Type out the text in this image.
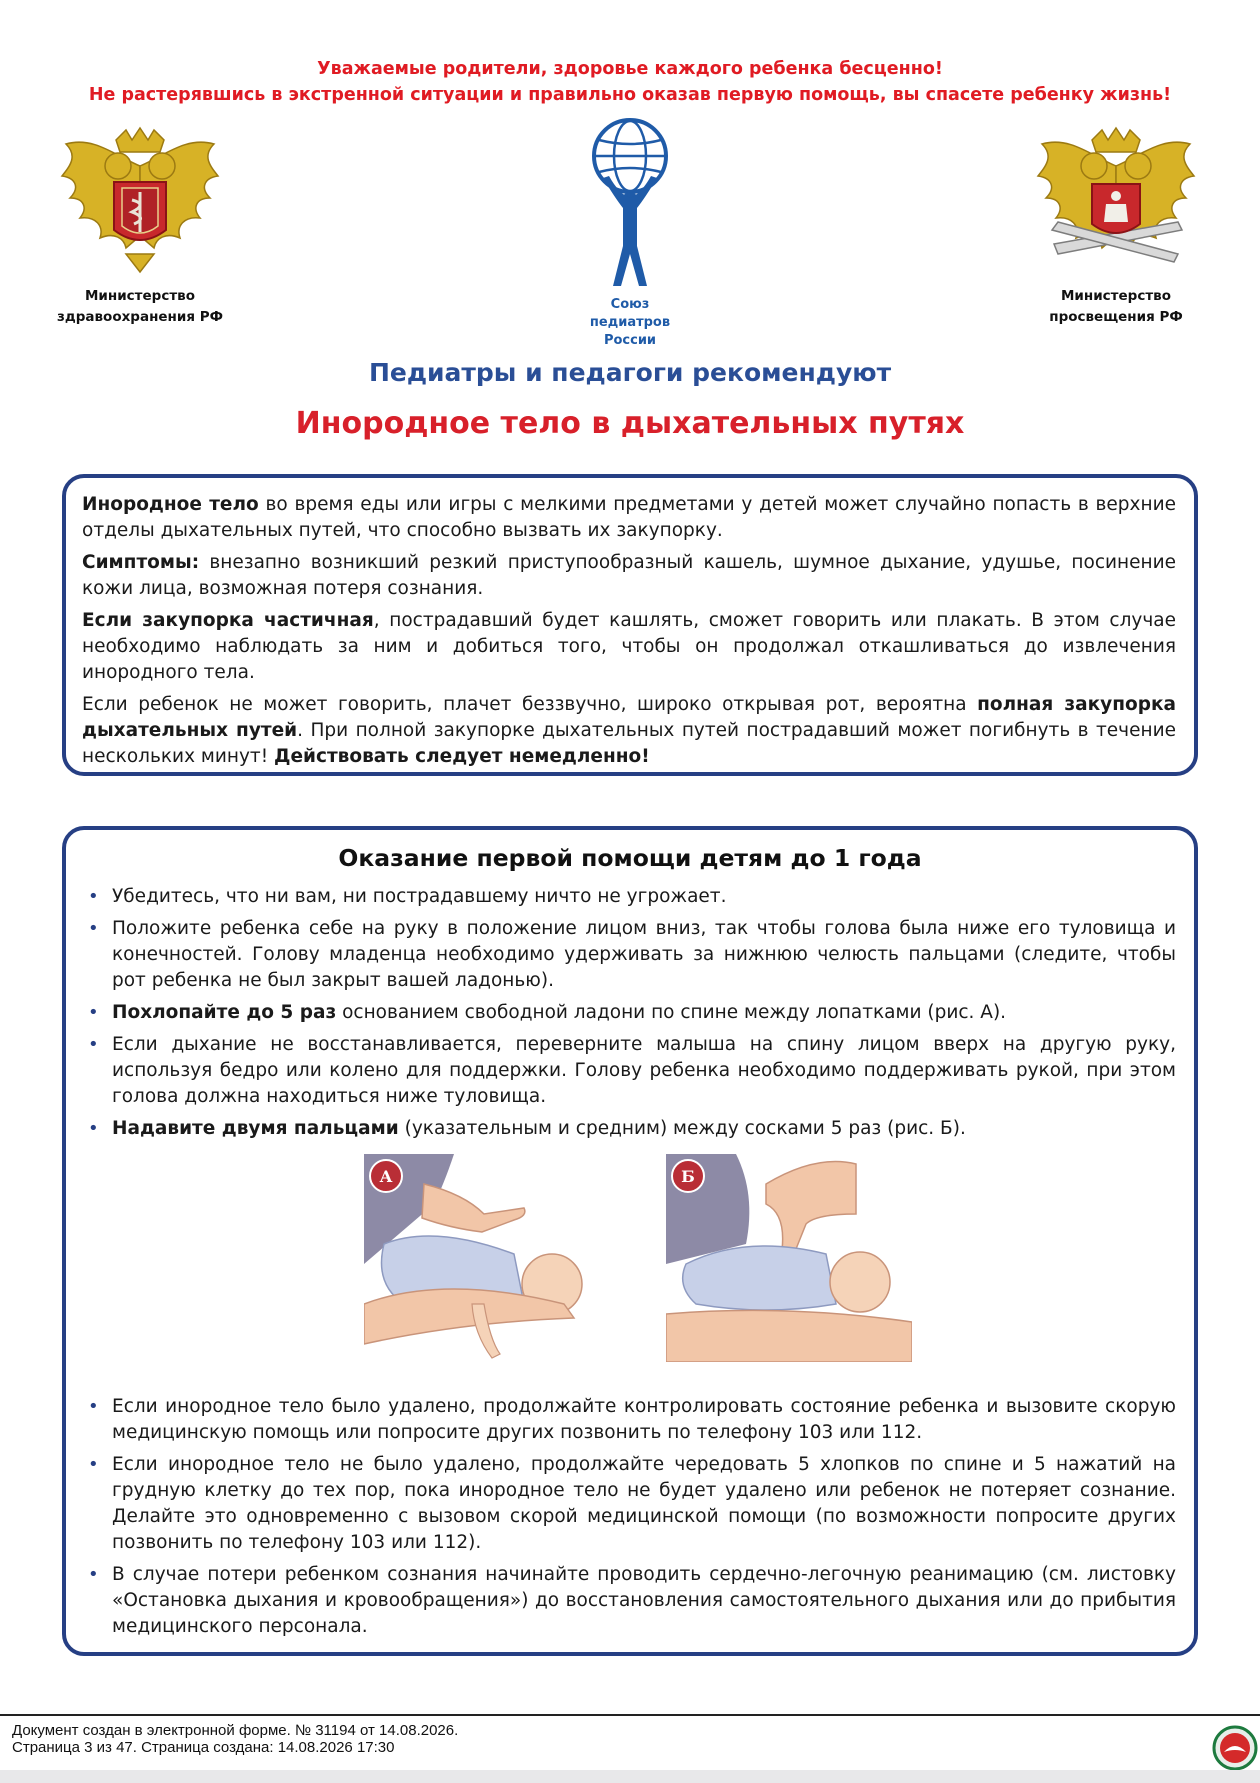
Уважаемые родители, здоровье каждого ребенка бесценно!
Не растерявшись в экстренной ситуации и правильно оказав первую помощь, вы спасете ребенку жизнь!
Министерство
здравоохранения РФ
Союз
педиатров
России
Министерство
просвещения РФ
Педиатры и педагоги рекомендуют
Инородное тело в дыхательных путях

Инородное тело во время еды или игры с мелкими предметами у детей может случайно попасть в верхние отделы дыхательных путей, что способно вызвать их закупорку.

Симптомы: внезапно возникший резкий приступообразный кашель, шумное дыхание, удушье, посинение кожи лица, возможная потеря сознания.

Если закупорка частичная, пострадавший будет кашлять, сможет говорить или плакать. В этом случае необходимо наблюдать за ним и добиться того, чтобы он продолжал откашливаться до извлечения инородного тела.

Если ребенок не может говорить, плачет беззвучно, широко открывая рот, вероятна полная закупорка дыхательных путей. При полной закупорке дыхательных путей пострадавший может погибнуть в течение нескольких минут! Действовать следует немедленно!

Оказание первой помощи детям до 1 года
• Убедитесь, что ни вам, ни пострадавшему ничто не угрожает.
• Положите ребенка себе на руку в положение лицом вниз, так чтобы голова была ниже его туловища и конечностей. Голову младенца необходимо удерживать за нижнюю челюсть пальцами (следите, чтобы рот ребенка не был закрыт вашей ладонью).
• Похлопайте до 5 раз основанием свободной ладони по спине между лопатками (рис. А).
• Если дыхание не восстанавливается, переверните малыша на спину лицом вверх на другую руку, используя бедро или колено для поддержки. Голову ребенка необходимо поддерживать рукой, при этом голова должна находиться ниже туловища.
• Надавите двумя пальцами (указательным и средним) между сосками 5 раз (рис. Б).
А	Б
• Если инородное тело было удалено, продолжайте контролировать состояние ребенка и вызовите скорую медицинскую помощь или попросите других позвонить по телефону 103 или 112.
• Если инородное тело не было удалено, продолжайте чередовать 5 хлопков по спине и 5 нажатий на грудную клетку до тех пор, пока инородное тело не будет удалено или ребенок не потеряет сознание. Делайте это одновременно с вызовом скорой медицинской помощи (по возможности попросите других позвонить по телефону 103 или 112).
• В случае потери ребенком сознания начинайте проводить сердечно-легочную реанимацию (см. листовку «Остановка дыхания и кровообращения») до восстановления самостоятельного дыхания или до прибытия медицинского персонала.
Документ создан в электронной форме. № 31194 от 14.08.2026.
Страница 3 из 47. Страница создана: 14.08.2026 17:30
